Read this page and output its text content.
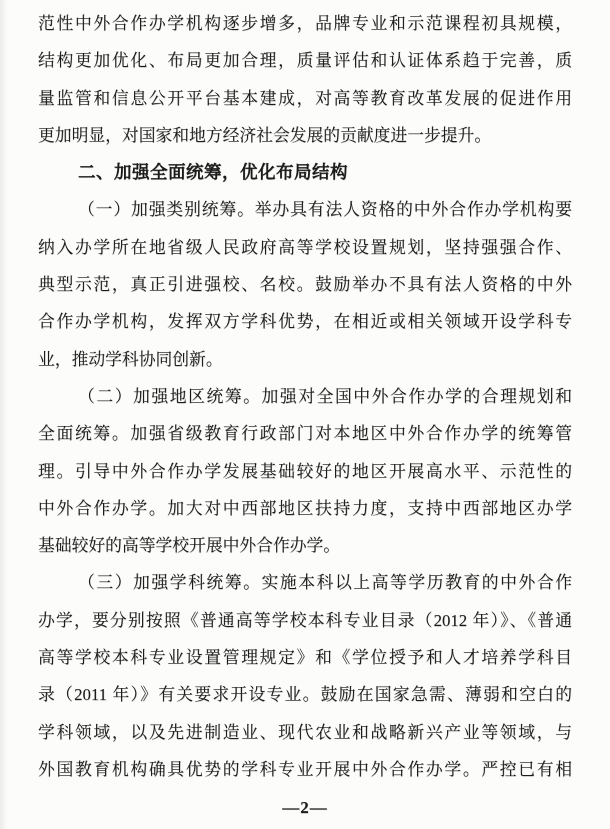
范性中外合作办学机构逐步增多，品牌专业和示范课程初具规模，
结构更加优化、布局更加合理，质量评估和认证体系趋于完善，质
量监管和信息公开平台基本建成，对高等教育改革发展的促进作用
更加明显，对国家和地方经济社会发展的贡献度进一步提升。
二、加强全面统筹，优化布局结构
（一）加强类别统筹。举办具有法人资格的中外合作办学机构要
纳入办学所在地省级人民政府高等学校设置规划，坚持强强合作、
典型示范，真正引进强校、名校。鼓励举办不具有法人资格的中外
合作办学机构，发挥双方学科优势，在相近或相关领域开设学科专
业，推动学科协同创新。
（二）加强地区统筹。加强对全国中外合作办学的合理规划和
全面统筹。加强省级教育行政部门对本地区中外合作办学的统筹管
理。引导中外合作办学发展基础较好的地区开展高水平、示范性的
中外合作办学。加大对中西部地区扶持力度，支持中西部地区办学
基础较好的高等学校开展中外合作办学。
（三）加强学科统筹。实施本科以上高等学历教育的中外合作
办学，要分别按照《普通高等学校本科专业目录（2012 年）》、《普通
高等学校本科专业设置管理规定》和《学位授予和人才培养学科目
录（2011 年）》有关要求开设专业。鼓励在国家急需、薄弱和空白的
学科领域，以及先进制造业、现代农业和战略新兴产业等领域，与
外国教育机构确具优势的学科专业开展中外合作办学。严控已有相
—2—
